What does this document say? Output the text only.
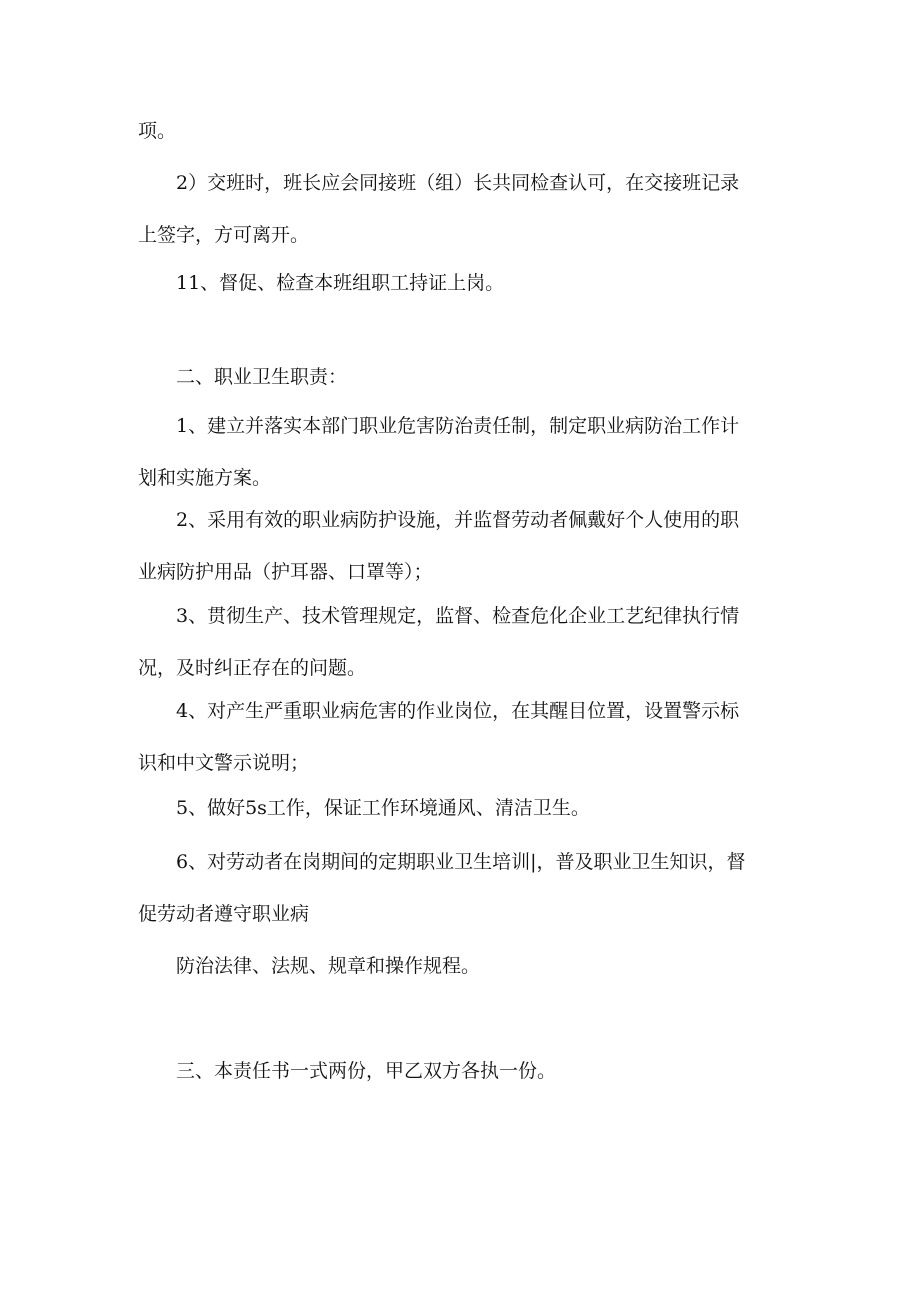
项。

2）交班时，班长应会同接班（组）长共同检查认可，在交接班记录
上签字，方可离开。

11、督促、检查本班组职工持证上岗。

二、职业卫生职责：

1、建立并落实本部门职业危害防治责任制，制定职业病防治工作计
划和实施方案。

2、采用有效的职业病防护设施，并监督劳动者佩戴好个人使用的职
业病防护用品（护耳器、口罩等）；

3、贯彻生产、技术管理规定，监督、检查危化企业工艺纪律执行情
况，及时纠正存在的问题。

4、对产生严重职业病危害的作业岗位，在其醒目位置，设置警示标
识和中文警示说明；

5、做好5s工作，保证工作环境通风、清洁卫生。

6、对劳动者在岗期间的定期职业卫生培训|，普及职业卫生知识，督
促劳动者遵守职业病
防治法律、法规、规章和操作规程。

三、本责任书一式两份，甲乙双方各执一份。
